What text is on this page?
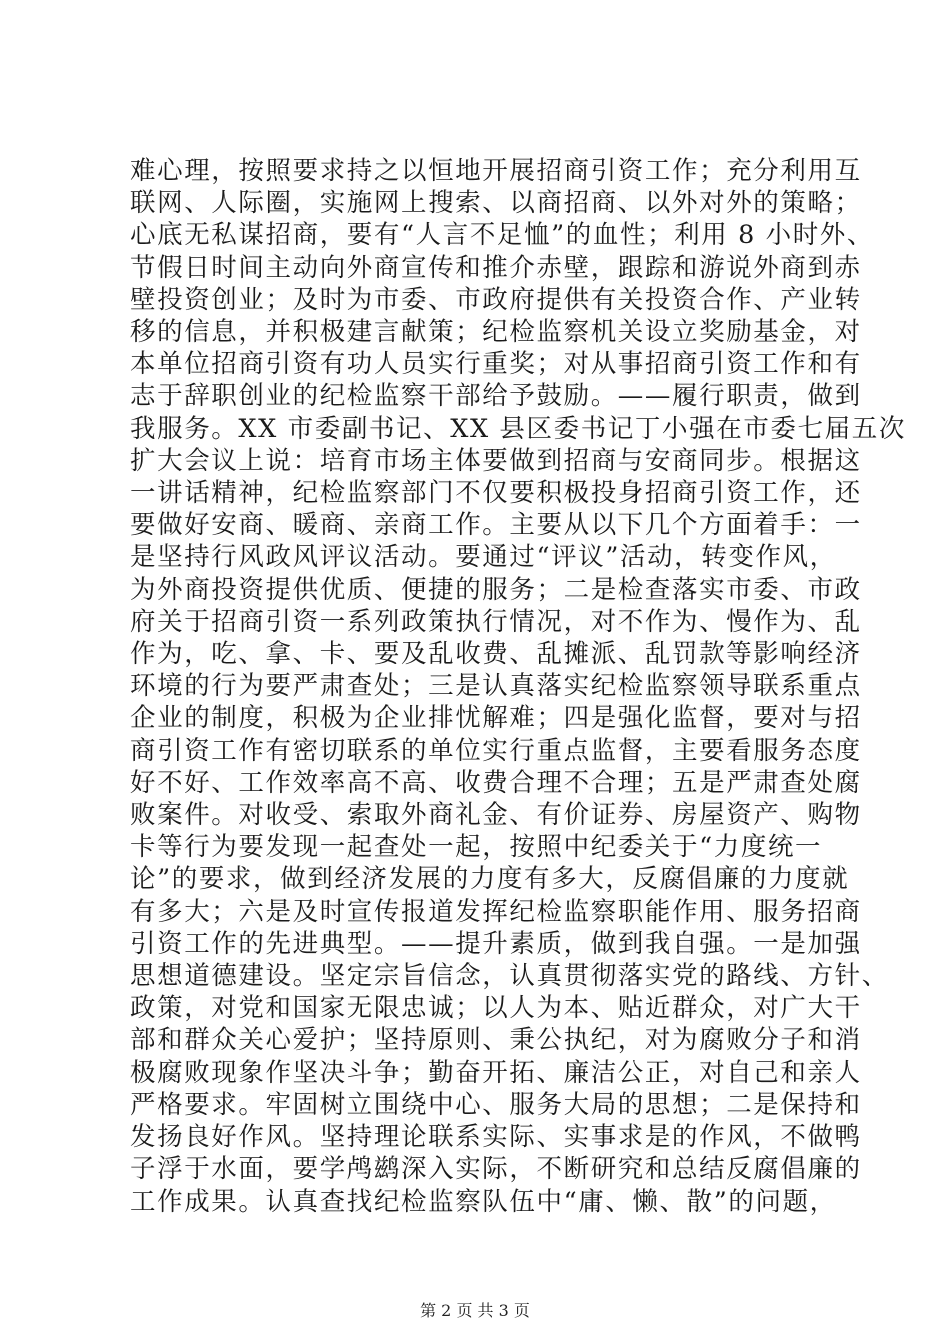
难心理，按照要求持之以恒地开展招商引资工作；充分利用互
联网、人际圈，实施网上搜索、以商招商、以外对外的策略；
心底无私谋招商，要有“人言不足恤”的血性；利用 8 小时外、
节假日时间主动向外商宣传和推介赤壁，跟踪和游说外商到赤
壁投资创业；及时为市委、市政府提供有关投资合作、产业转
移的信息，并积极建言献策；纪检监察机关设立奖励基金，对
本单位招商引资有功人员实行重奖；对从事招商引资工作和有
志于辞职创业的纪检监察干部给予鼓励。——履行职责，做到
我服务。XX 市委副书记、XX 县区委书记丁小强在市委七届五次
扩大会议上说：培育市场主体要做到招商与安商同步。根据这
一讲话精神，纪检监察部门不仅要积极投身招商引资工作，还
要做好安商、暖商、亲商工作。主要从以下几个方面着手：一
是坚持行风政风评议活动。要通过“评议”活动，转变作风，
为外商投资提供优质、便捷的服务；二是检查落实市委、市政
府关于招商引资一系列政策执行情况，对不作为、慢作为、乱
作为，吃、拿、卡、要及乱收费、乱摊派、乱罚款等影响经济
环境的行为要严肃查处；三是认真落实纪检监察领导联系重点
企业的制度，积极为企业排忧解难；四是强化监督，要对与招
商引资工作有密切联系的单位实行重点监督，主要看服务态度
好不好、工作效率高不高、收费合理不合理；五是严肃查处腐
败案件。对收受、索取外商礼金、有价证券、房屋资产、购物
卡等行为要发现一起查处一起，按照中纪委关于“力度统一
论”的要求，做到经济发展的力度有多大，反腐倡廉的力度就
有多大；六是及时宣传报道发挥纪检监察职能作用、服务招商
引资工作的先进典型。——提升素质，做到我自强。一是加强
思想道德建设。坚定宗旨信念，认真贯彻落实党的路线、方针、
政策，对党和国家无限忠诚；以人为本、贴近群众，对广大干
部和群众关心爱护；坚持原则、秉公执纪，对为腐败分子和消
极腐败现象作坚决斗争；勤奋开拓、廉洁公正，对自己和亲人
严格要求。牢固树立围绕中心、服务大局的思想；二是保持和
发扬良好作风。坚持理论联系实际、实事求是的作风，不做鸭
子浮于水面，要学鸬鹚深入实际，不断研究和总结反腐倡廉的
工作成果。认真查找纪检监察队伍中“庸、懒、散”的问题，
第 2 页 共 3 页
